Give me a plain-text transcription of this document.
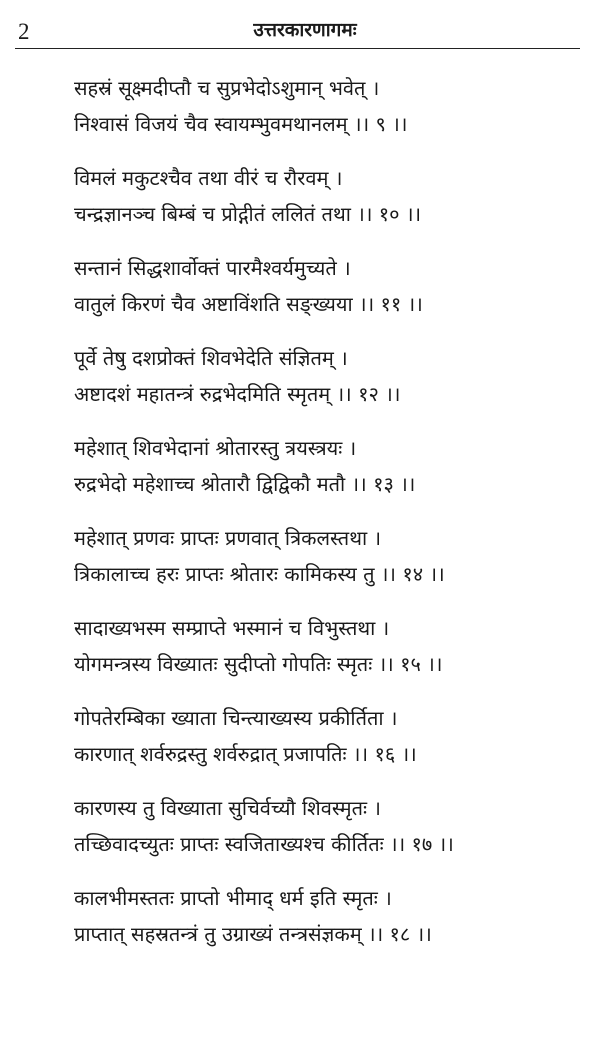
2	उत्तरकारणागमः
सहस्रं सूक्ष्मदीप्तौ च सुप्रभेदोऽशुमान् भवेत् ।
निश्वासं विजयं चैव स्वायम्भुवमथानलम् ।। ९ ।।
विमलं मकुटश्चैव तथा वीरं च रौरवम् ।
चन्द्रज्ञानञ्च बिम्बं च प्रोद्गीतं ललितं तथा ।। १० ।।
सन्तानं सिद्धशार्वोक्तं पारमैश्वर्यमुच्यते ।
वातुलं किरणं चैव अष्टाविंशति सङ्ख्यया ।। ११ ।।
पूर्वे तेषु दशप्रोक्तं शिवभेदेति संज्ञितम् ।
अष्टादशं महातन्त्रं रुद्रभेदमिति स्मृतम् ।। १२ ।।
महेशात् शिवभेदानां श्रोतारस्तु त्रयस्त्रयः ।
रुद्रभेदो महेशाच्च श्रोतारौ द्विद्विकौ मतौ ।। १३ ।।
महेशात् प्रणवः प्राप्तः प्रणवात् त्रिकलस्तथा ।
त्रिकालाच्च हरः प्राप्तः श्रोतारः कामिकस्य तु ।। १४ ।।
सादाख्यभस्म सम्प्राप्ते भस्मानं च विभुस्तथा ।
योगमन्त्रस्य विख्यातः सुदीप्तो गोपतिः स्मृतः ।। १५ ।।
गोपतेरम्बिका ख्याता चिन्त्याख्यस्य प्रकीर्तिता ।
कारणात् शर्वरुद्रस्तु शर्वरुद्रात् प्रजापतिः ।। १६ ।।
कारणस्य तु विख्याता सुचिर्वच्यौ शिवस्मृतः ।
तच्छिवादच्युतः प्राप्तः स्वजिताख्यश्च कीर्तितः ।। १७ ।।
कालभीमस्ततः प्राप्तो भीमाद् धर्म इति स्मृतः ।
प्राप्तात् सहस्रतन्त्रं तु उग्राख्यं तन्त्रसंज्ञकम् ।। १८ ।।
